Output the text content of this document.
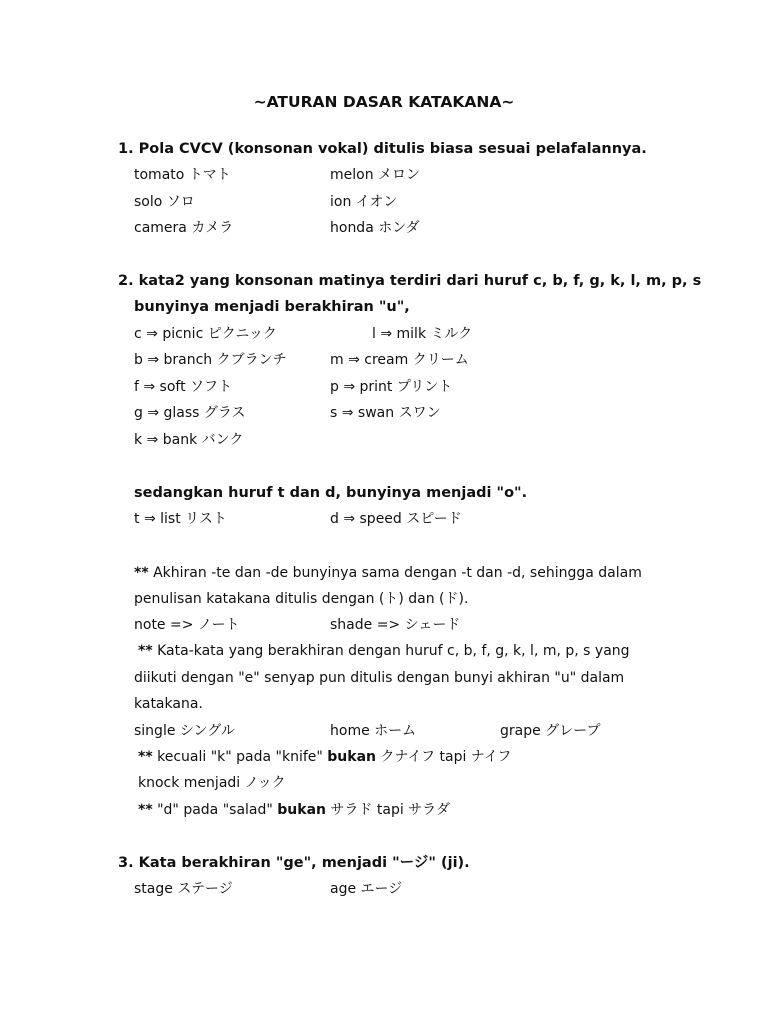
~ATURAN DASAR KATAKANA~
1. Pola CVCV (konsonan vokal) ditulis biasa sesuai pelafalannya.
tomato トマト	melon メロン
solo ソロ	ion イオン
camera カメラ	honda ホンダ
2. kata2 yang konsonan matinya terdiri dari huruf c, b, f, g, k, l, m, p, s
bunyinya menjadi berakhiran "u",
c ⇒ picnic ピクニック	l ⇒ milk ミルク
b ⇒ branch クブランチ	m ⇒ cream クリーム
f ⇒ soft ソフト	p ⇒ print プリント
g ⇒ glass グラス	s ⇒ swan スワン
k ⇒ bank バンク
sedangkan huruf t dan d, bunyinya menjadi "o".
t ⇒ list リスト	d ⇒ speed スピード
** Akhiran -te dan -de bunyinya sama dengan -t dan -d, sehingga dalam
penulisan katakana ditulis dengan (ト) dan (ド).
note => ノート	shade => シェード
** Kata-kata yang berakhiran dengan huruf c, b, f, g, k, l, m, p, s yang
diikuti dengan "e" senyap pun ditulis dengan bunyi akhiran "u" dalam
katakana.
single シングル	home ホーム	grape グレープ
** kecuali "k" pada "knife" bukan クナイフ tapi ナイフ
knock menjadi ノック
** "d" pada "salad" bukan サラド tapi サラダ
3. Kata berakhiran "ge", menjadi "ージ" (ji).
stage ステージ	age エージ
